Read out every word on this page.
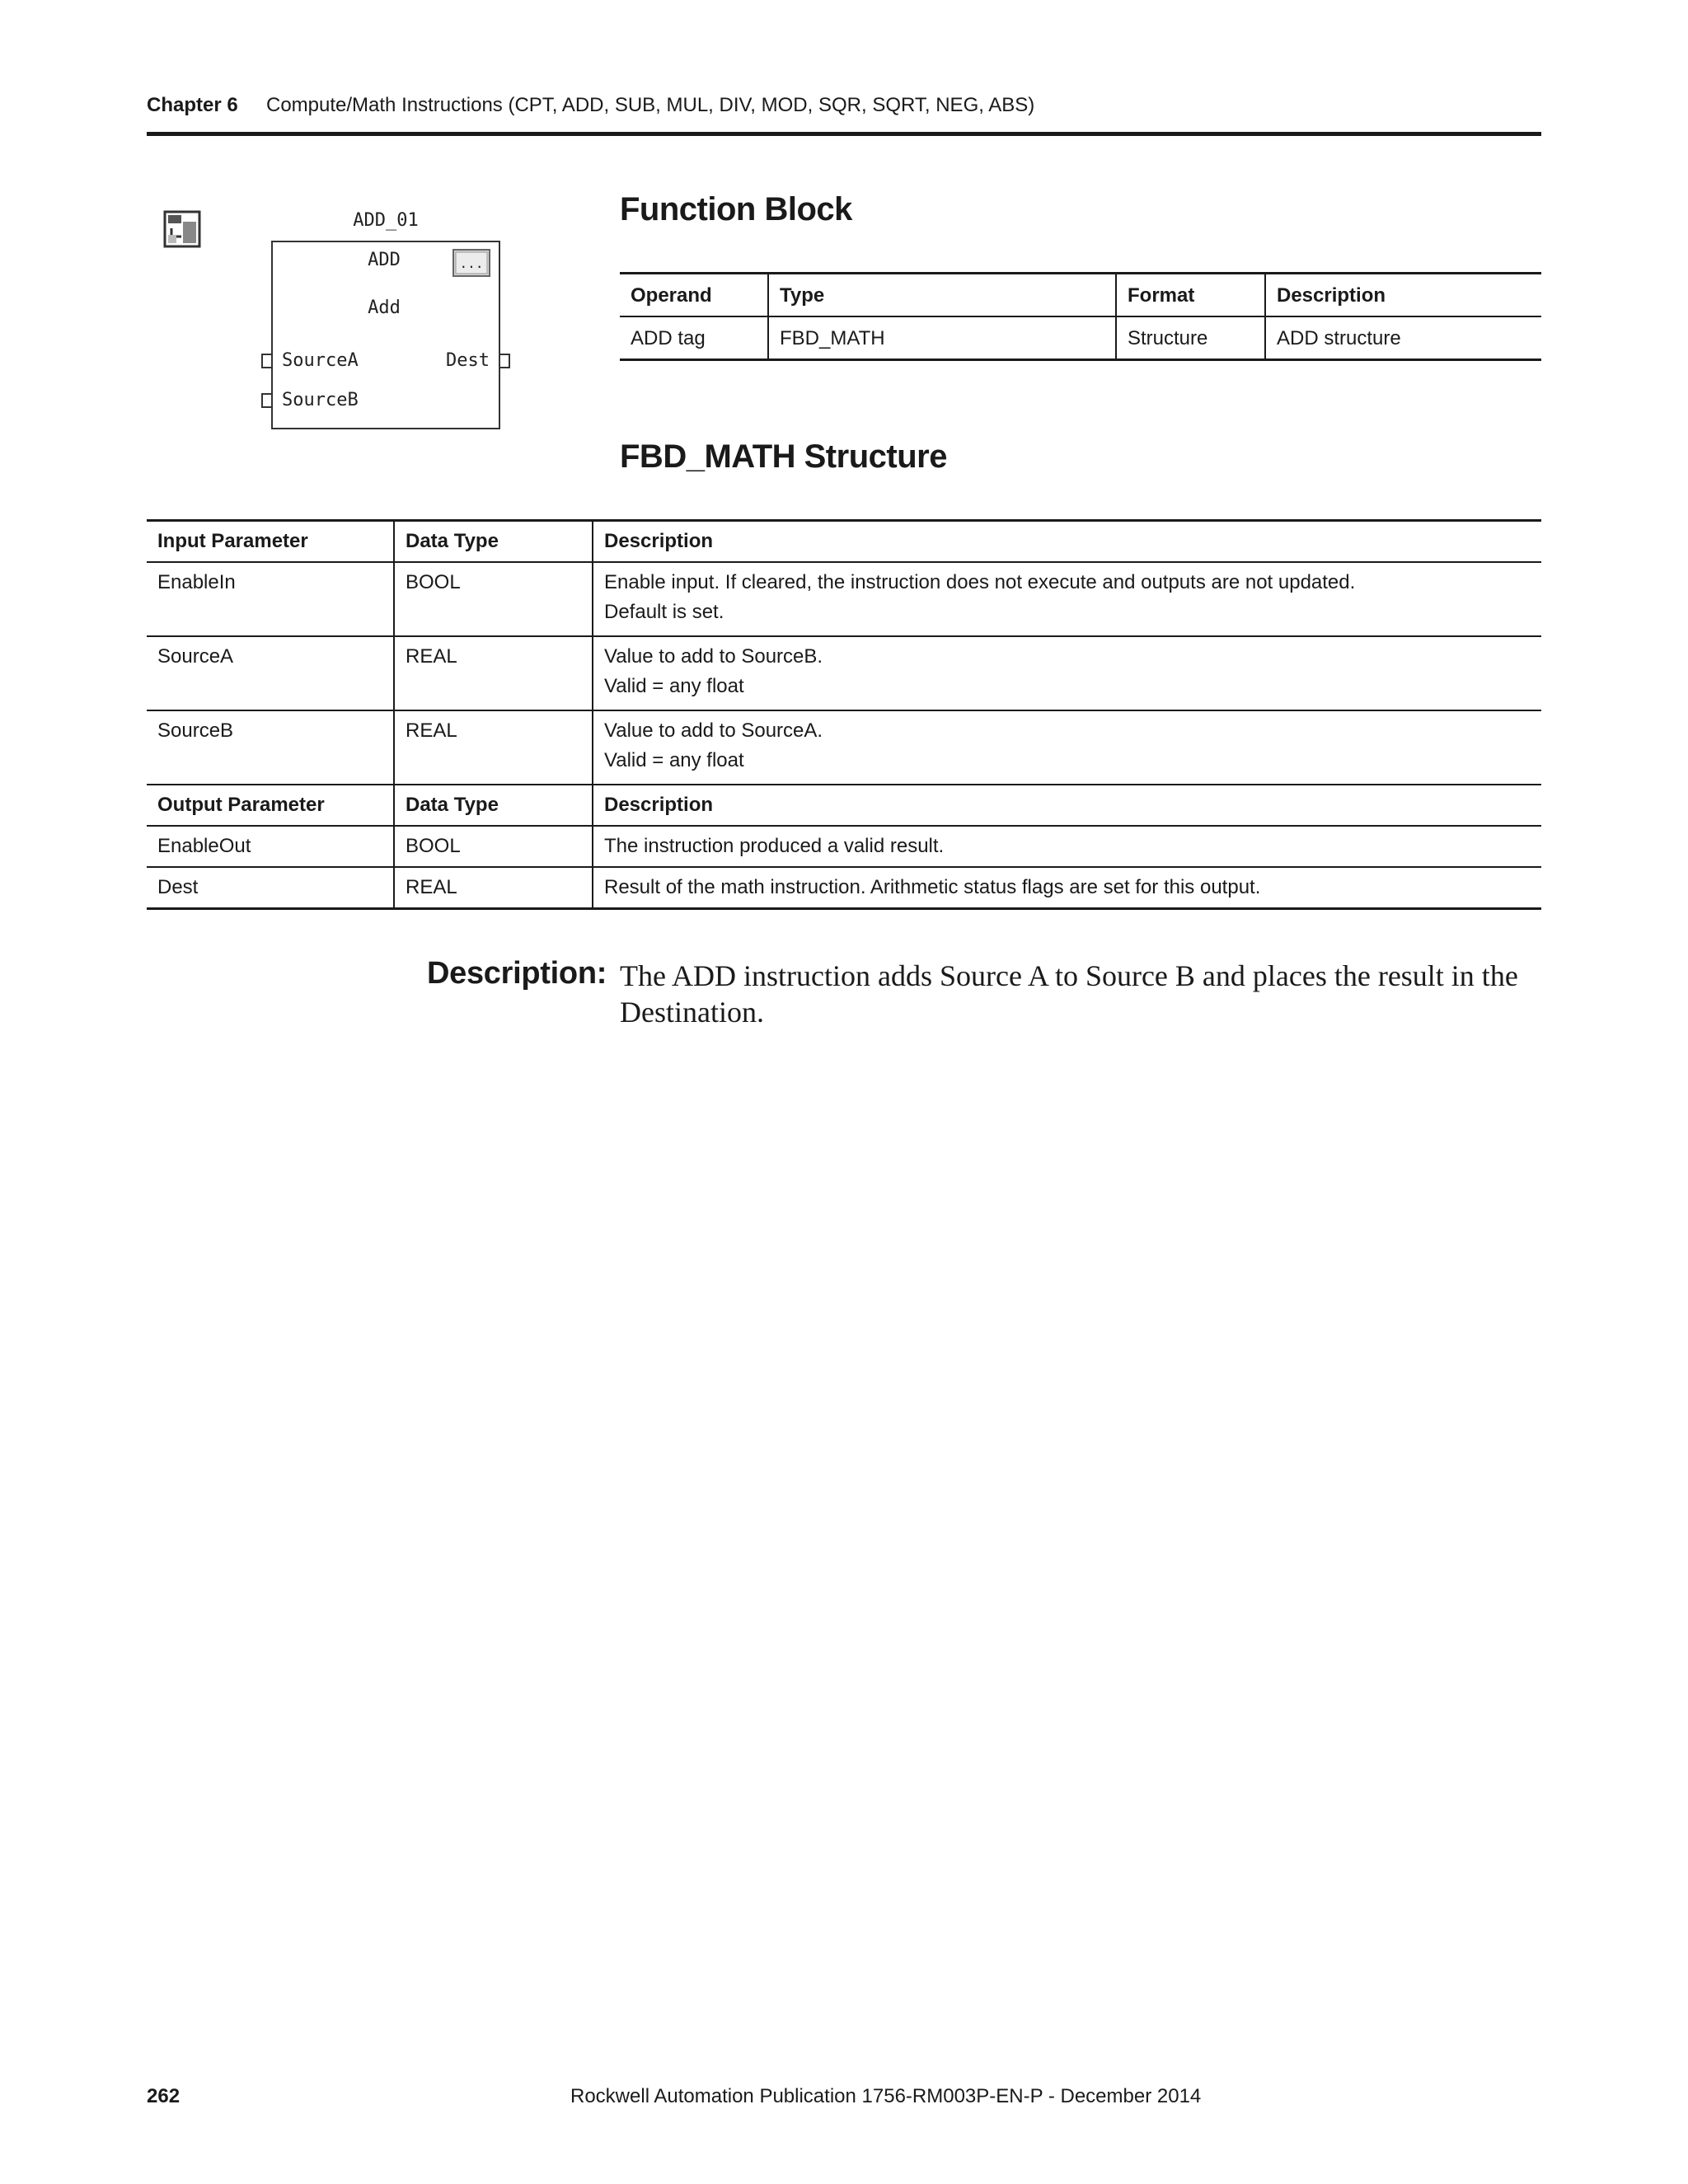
Chapter 6 Compute/Math Instructions (CPT, ADD, SUB, MUL, DIV, MOD, SQR, SQRT, NEG, ABS)
ADD_01
ADD	...
Add
SourceA	Dest
SourceB
Function Block
Operand	Type	Format	Description
ADD tag	FBD_MATH	Structure	ADD structure
FBD_MATH Structure
Input Parameter	Data Type	Description
EnableIn	BOOL	Enable input. If cleared, the instruction does not execute and outputs are not updated.
Default is set.

SourceA	REAL	Value to add to SourceB.
Valid = any float

SourceB	REAL	Value to add to SourceA.
Valid = any float

Output Parameter	Data Type	Description
EnableOut	BOOL	The instruction produced a valid result.
Dest	REAL	Result of the math instruction. Arithmetic status flags are set for this output.
Description: The ADD instruction adds Source A to Source B and places the result in the Destination.
262	Rockwell Automation Publication 1756-RM003P-EN-P - December 2014
